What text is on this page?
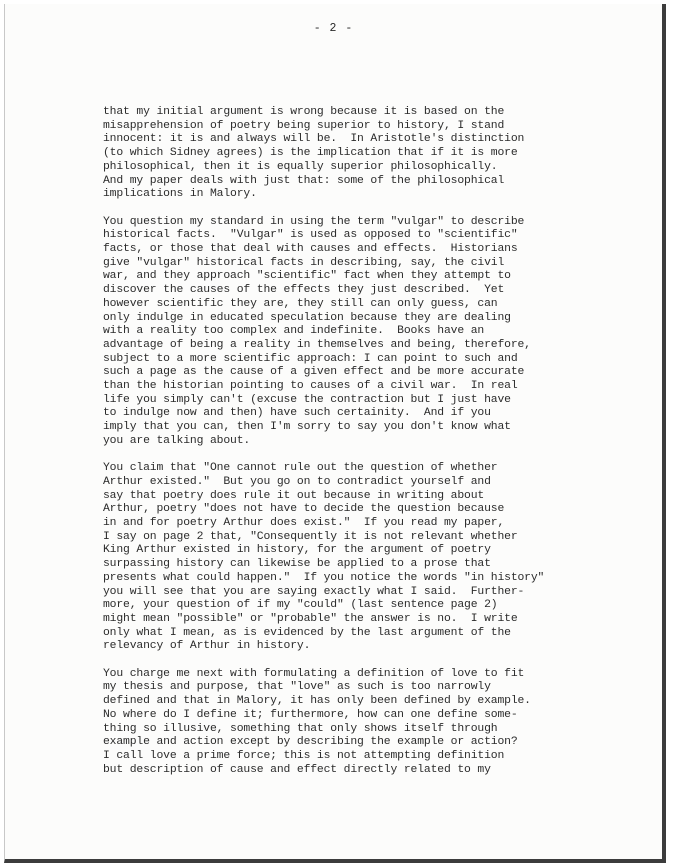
- 2 -
that my initial argument is wrong because it is based on the
misapprehension of poetry being superior to history, I stand
innocent: it is and always will be.  In Aristotle's distinction
(to which Sidney agrees) is the implication that if it is more
philosophical, then it is equally superior philosophically.
And my paper deals with just that: some of the philosophical
implications in Malory.
You question my standard in using the term "vulgar" to describe
historical facts.  "Vulgar" is used as opposed to "scientific"
facts, or those that deal with causes and effects.  Historians
give "vulgar" historical facts in describing, say, the civil
war, and they approach "scientific" fact when they attempt to
discover the causes of the effects they just described.  Yet
however scientific they are, they still can only guess, can
only indulge in educated speculation because they are dealing
with a reality too complex and indefinite.  Books have an
advantage of being a reality in themselves and being, therefore,
subject to a more scientific approach: I can point to such and
such a page as the cause of a given effect and be more accurate
than the historian pointing to causes of a civil war.  In real
life you simply can't (excuse the contraction but I just have
to indulge now and then) have such certainity.  And if you
imply that you can, then I'm sorry to say you don't know what
you are talking about.
You claim that "One cannot rule out the question of whether
Arthur existed."  But you go on to contradict yourself and
say that poetry does rule it out because in writing about
Arthur, poetry "does not have to decide the question because
in and for poetry Arthur does exist."  If you read my paper,
I say on page 2 that, "Consequently it is not relevant whether
King Arthur existed in history, for the argument of poetry
surpassing history can likewise be applied to a prose that
presents what could happen."  If you notice the words "in history"
you will see that you are saying exactly what I said.  Further-
more, your question of if my "could" (last sentence page 2)
might mean "possible" or "probable" the answer is no.  I write
only what I mean, as is evidenced by the last argument of the
relevancy of Arthur in history.
You charge me next with formulating a definition of love to fit
my thesis and purpose, that "love" as such is too narrowly
defined and that in Malory, it has only been defined by example.
No where do I define it; furthermore, how can one define some-
thing so illusive, something that only shows itself through
example and action except by describing the example or action?
I call love a prime force; this is not attempting definition
but description of cause and effect directly related to my
